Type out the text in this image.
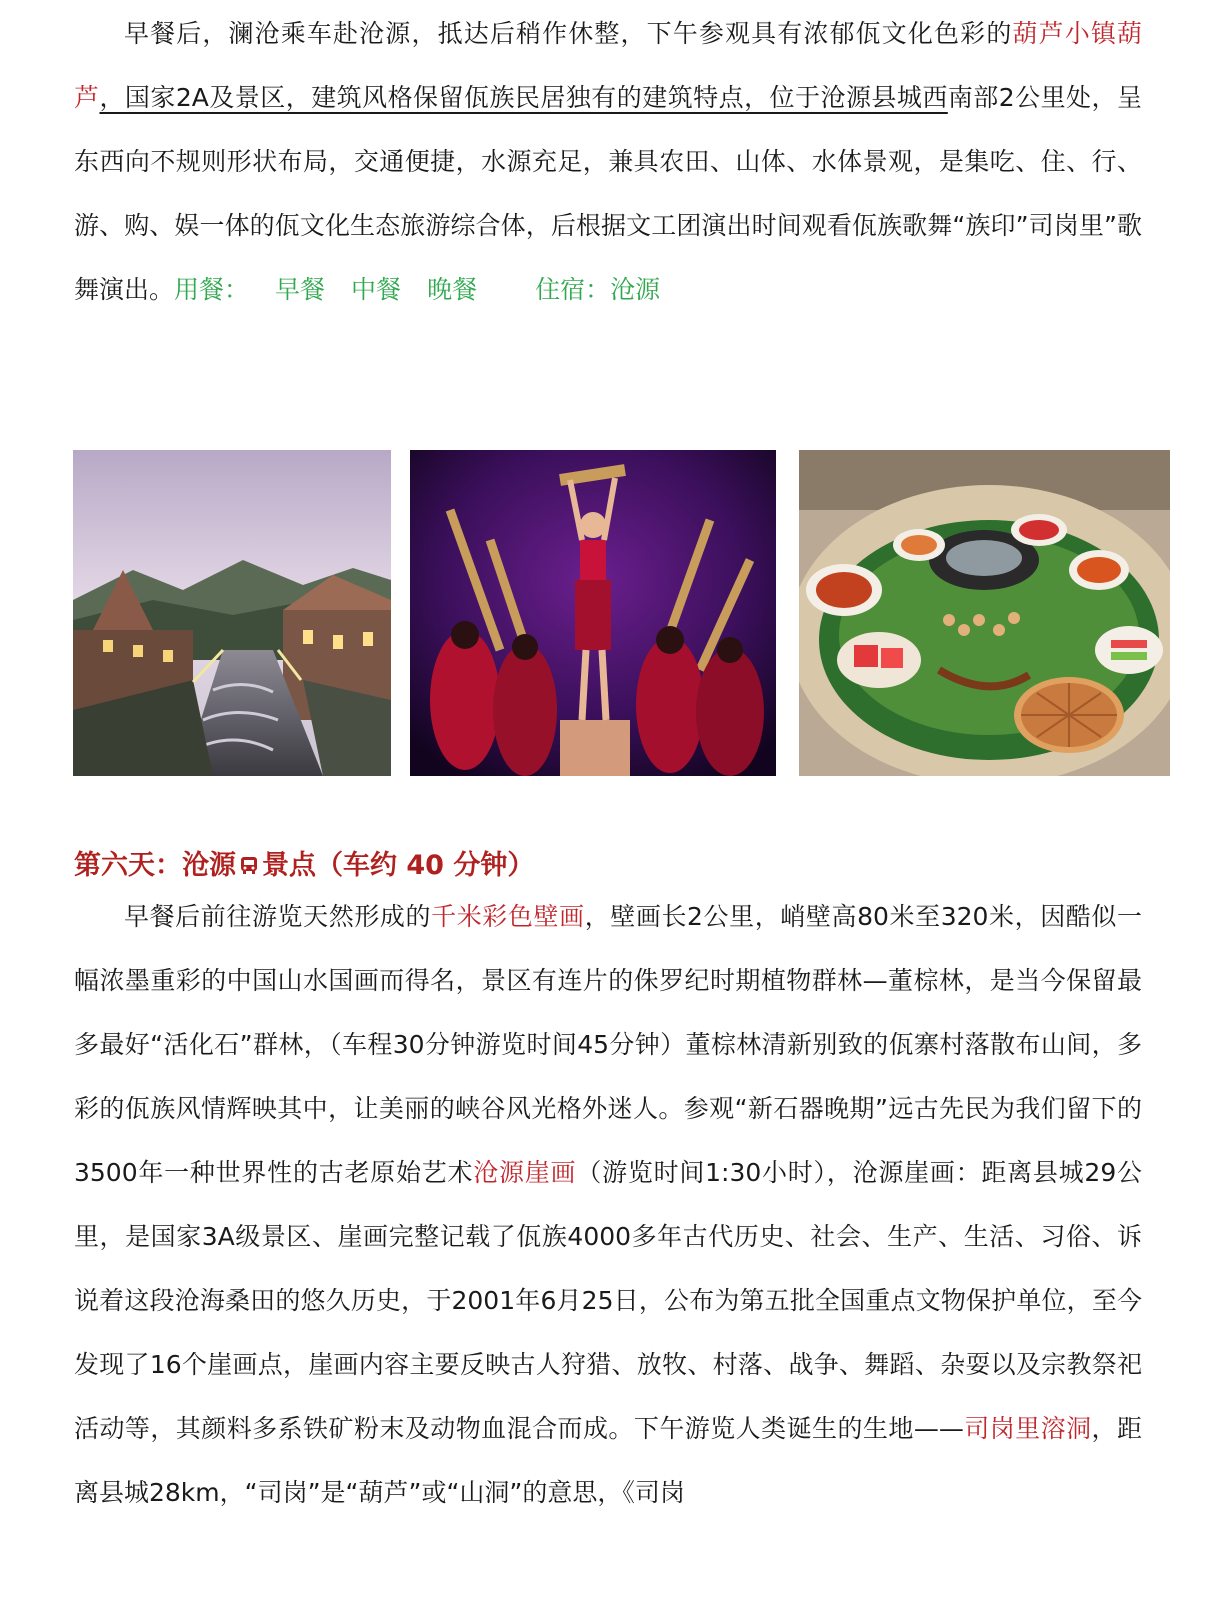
早餐后，澜沧乘车赴沧源，抵达后稍作休整，下午参观具有浓郁佤文化色彩的葫芦小镇葫芦，国家2A及景区，建筑风格保留佤族民居独有的建筑特点，位于沧源县城西南部2公里处，呈东西向不规则形状布局，交通便捷，水源充足，兼具农田、山体、水体景观，是集吃、住、行、游、购、娱一体的佤文化生态旅游综合体，后根据文工团演出时间观看佤族歌舞“族印”司岗里”歌舞演出。用餐： 早餐 中餐 晚餐 住宿：沧源

第六天：沧源 景点（车约 40 分钟）

早餐后前往游览天然形成的千米彩色壁画，壁画长2公里，峭壁高80米至320米，因酷似一幅浓墨重彩的中国山水国画而得名，景区有连片的侏罗纪时期植物群林—董棕林，是当今保留最多最好“活化石”群林，（车程30分钟游览时间45分钟）董棕林清新别致的佤寨村落散布山间，多彩的佤族风情辉映其中，让美丽的峡谷风光格外迷人。参观“新石器晚期”远古先民为我们留下的3500年一种世界性的古老原始艺术沧源崖画（游览时间1:30小时），沧源崖画：距离县城29公里，是国家3A级景区、崖画完整记载了佤族4000多年古代历史、社会、生产、生活、习俗、诉说着这段沧海桑田的悠久历史，于2001年6月25日，公布为第五批全国重点文物保护单位，至今发现了16个崖画点，崖画内容主要反映古人狩猎、放牧、村落、战争、舞蹈、杂耍以及宗教祭祀活动等，其颜料多系铁矿粉末及动物血混合而成。下午游览人类诞生的生地——司岗里溶洞，距离县城28km，“司岗”是“葫芦”或“山洞”的意思，《司岗
